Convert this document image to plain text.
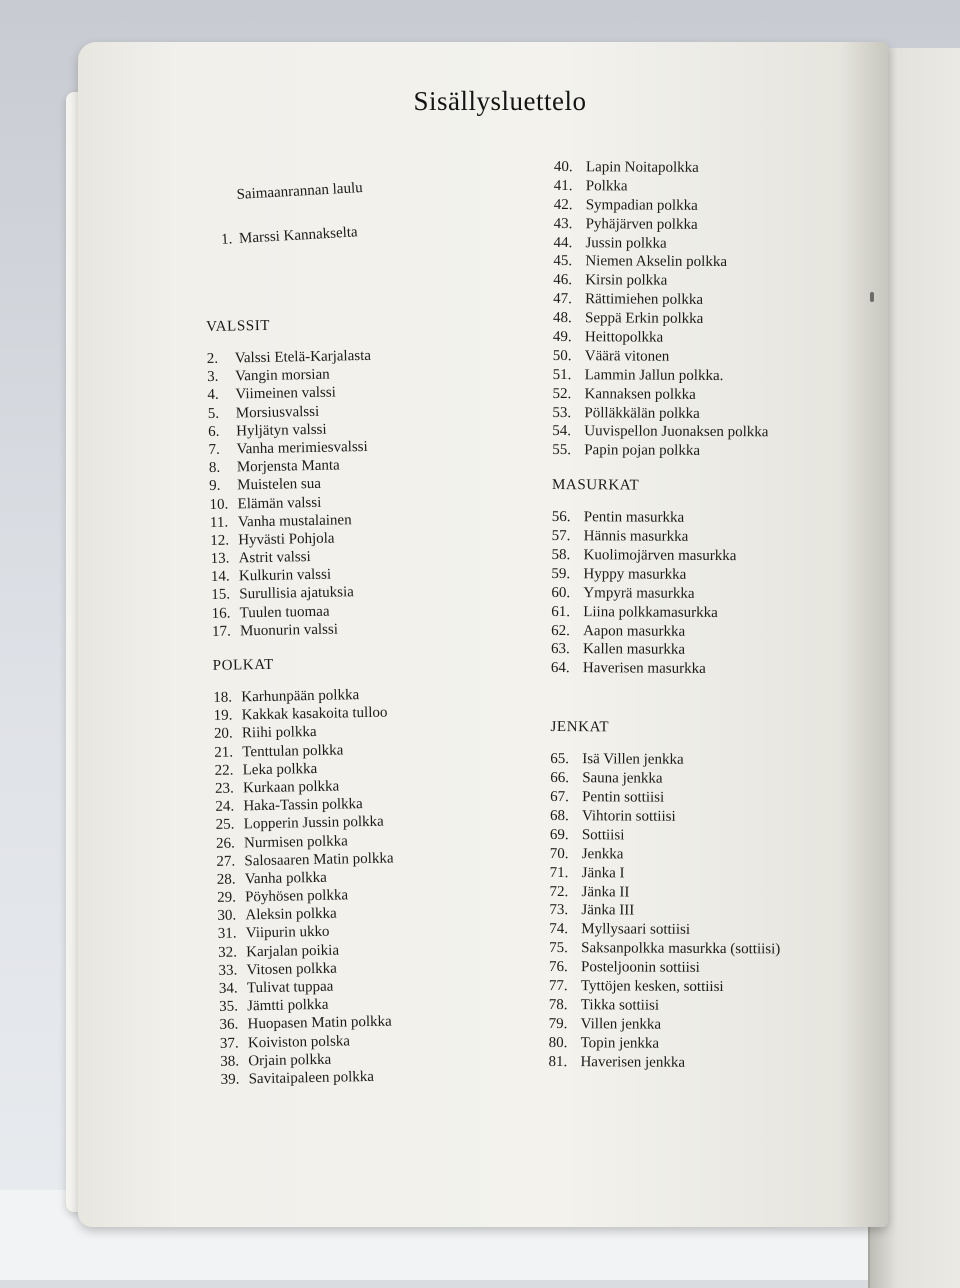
Sisällysluettelo
Saimaanrannan laulu
1. Marssi Kannakselta
VALSSIT
2.	Valssi Etelä-Karjalasta
3.	Vangin morsian
4.	Viimeinen valssi
5.	Morsiusvalssi
6.	Hyljätyn valssi
7.	Vanha merimiesvalssi
8.	Morjensta Manta
9.	Muistelen sua
10. Elämän valssi
11. Vanha mustalainen
12. Hyvästi Pohjola
13. Astrit valssi
14. Kulkurin valssi
15. Surullisia ajatuksia
16. Tuulen tuomaa
17. Muonurin valssi
POLKAT
18. Karhunpään polkka
19. Kakkak kasakoita tulloo
20. Riihi polkka
21. Tenttulan polkka
22. Leka polkka
23. Kurkaan polkka
24. Haka-Tassin polkka
25. Lopperin Jussin polkka
26. Nurmisen polkka
27. Salosaaren Matin polkka
28. Vanha polkka
29. Pöyhösen polkka
30. Aleksin polkka
31. Viipurin ukko
32. Karjalan poikia
33. Vitosen polkka
34. Tulivat tuppaa
35. Jämtti polkka
36. Huopasen Matin polkka
37. Koiviston polska
38. Orjain polkka
39. Savitaipaleen polkka
40. Lapin Noitapolkka
41. Polkka
42. Sympadian polkka
43. Pyhäjärven polkka
44. Jussin polkka
45. Niemen Akselin polkka
46. Kirsin polkka
47. Rättimiehen polkka
48. Seppä Erkin polkka
49. Heittopolkka
50. Väärä vitonen
51. Lammin Jallun polkka.
52. Kannaksen polkka
53. Pölläkkälän polkka
54. Uuvispellon Juonaksen polkka
55. Papin pojan polkka
MASURKAT
56. Pentin masurkka
57. Hännis masurkka
58. Kuolimojärven masurkka
59. Hyppy masurkka
60. Ympyrä masurkka
61. Liina polkkamasurkka
62. Aapon masurkka
63. Kallen masurkka
64. Haverisen masurkka
JENKAT
65. Isä Villen jenkka
66. Sauna jenkka
67. Pentin sottiisi
68. Vihtorin sottiisi
69. Sottiisi
70. Jenkka
71. Jänka I
72. Jänka II
73. Jänka III
74. Myllysaari sottiisi
75. Saksanpolkka masurkka (sottiisi)
76. Posteljoonin sottiisi
77. Tyttöjen kesken, sottiisi
78. Tikka sottiisi
79. Villen jenkka
80. Topin jenkka
81. Haverisen jenkka
